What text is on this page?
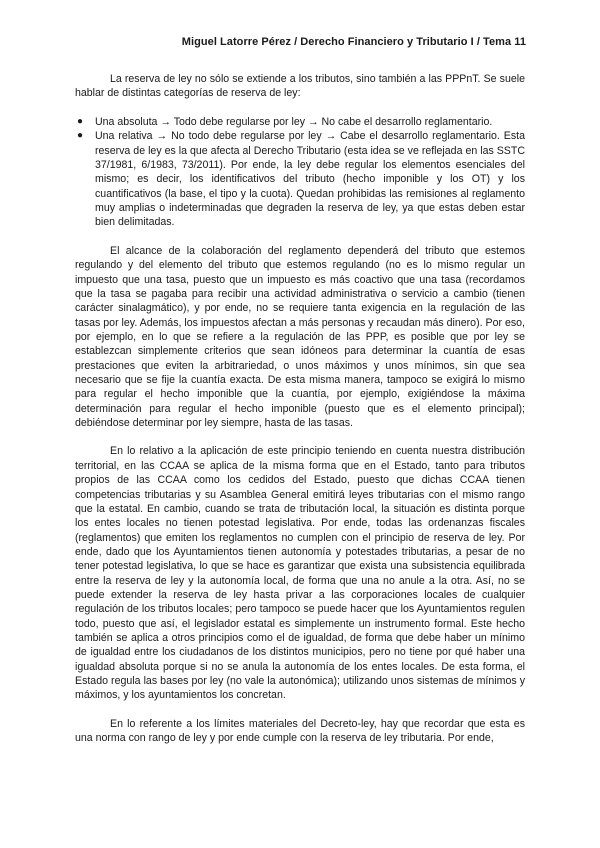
Miguel Latorre Pérez / Derecho Financiero y Tributario I / Tema 11

La reserva de ley no sólo se extiende a los tributos, sino también a las PPPnT. Se suele hablar de distintas categorías de reserva de ley:

● Una absoluta → Todo debe regularse por ley → No cabe el desarrollo reglamentario.
● Una relativa → No todo debe regularse por ley → Cabe el desarrollo reglamentario. Esta reserva de ley es la que afecta al Derecho Tributario (esta idea se ve reflejada en las SSTC 37/1981, 6/1983, 73/2011). Por ende, la ley debe regular los elementos esenciales del mismo; es decir, los identificativos del tributo (hecho imponible y los OT) y los cuantificativos (la base, el tipo y la cuota). Quedan prohibidas las remisiones al reglamento muy amplias o indeterminadas que degraden la reserva de ley, ya que estas deben estar bien delimitadas.

El alcance de la colaboración del reglamento dependerá del tributo que estemos regulando y del elemento del tributo que estemos regulando (no es lo mismo regular un impuesto que una tasa, puesto que un impuesto es más coactivo que una tasa (recordamos que la tasa se pagaba para recibir una actividad administrativa o servicio a cambio (tienen carácter sinalagmático), y por ende, no se requiere tanta exigencia en la regulación de las tasas por ley. Además, los impuestos afectan a más personas y recaudan más dinero). Por eso, por ejemplo, en lo que se refiere a la regulación de las PPP, es posible que por ley se establezcan simplemente criterios que sean idóneos para determinar la cuantía de esas prestaciones que eviten la arbitrariedad, o unos máximos y unos mínimos, sin que sea necesario que se fije la cuantía exacta. De esta misma manera, tampoco se exigirá lo mismo para regular el hecho imponible que la cuantía, por ejemplo, exigiéndose la máxima determinación para regular el hecho imponible (puesto que es el elemento principal); debiéndose determinar por ley siempre, hasta de las tasas.

En lo relativo a la aplicación de este principio teniendo en cuenta nuestra distribución territorial, en las CCAA se aplica de la misma forma que en el Estado, tanto para tributos propios de las CCAA como los cedidos del Estado, puesto que dichas CCAA tienen competencias tributarias y su Asamblea General emitirá leyes tributarias con el mismo rango que la estatal. En cambio, cuando se trata de tributación local, la situación es distinta porque los entes locales no tienen potestad legislativa. Por ende, todas las ordenanzas fiscales (reglamentos) que emiten los reglamentos no cumplen con el principio de reserva de ley. Por ende, dado que los Ayuntamientos tienen autonomía y potestades tributarias, a pesar de no tener potestad legislativa, lo que se hace es garantizar que exista una subsistencia equilibrada entre la reserva de ley y la autonomía local, de forma que una no anule a la otra. Así, no se puede extender la reserva de ley hasta privar a las corporaciones locales de cualquier regulación de los tributos locales; pero tampoco se puede hacer que los Ayuntamientos regulen todo, puesto que así, el legislador estatal es simplemente un instrumento formal. Este hecho también se aplica a otros principios como el de igualdad, de forma que debe haber un mínimo de igualdad entre los ciudadanos de los distintos municipios, pero no tiene por qué haber una igualdad absoluta porque si no se anula la autonomía de los entes locales. De esta forma, el Estado regula las bases por ley (no vale la autonómica); utilizando unos sistemas de mínimos y máximos, y los ayuntamientos los concretan.

En lo referente a los límites materiales del Decreto-ley, hay que recordar que esta es una norma con rango de ley y por ende cumple con la reserva de ley tributaria. Por ende,
